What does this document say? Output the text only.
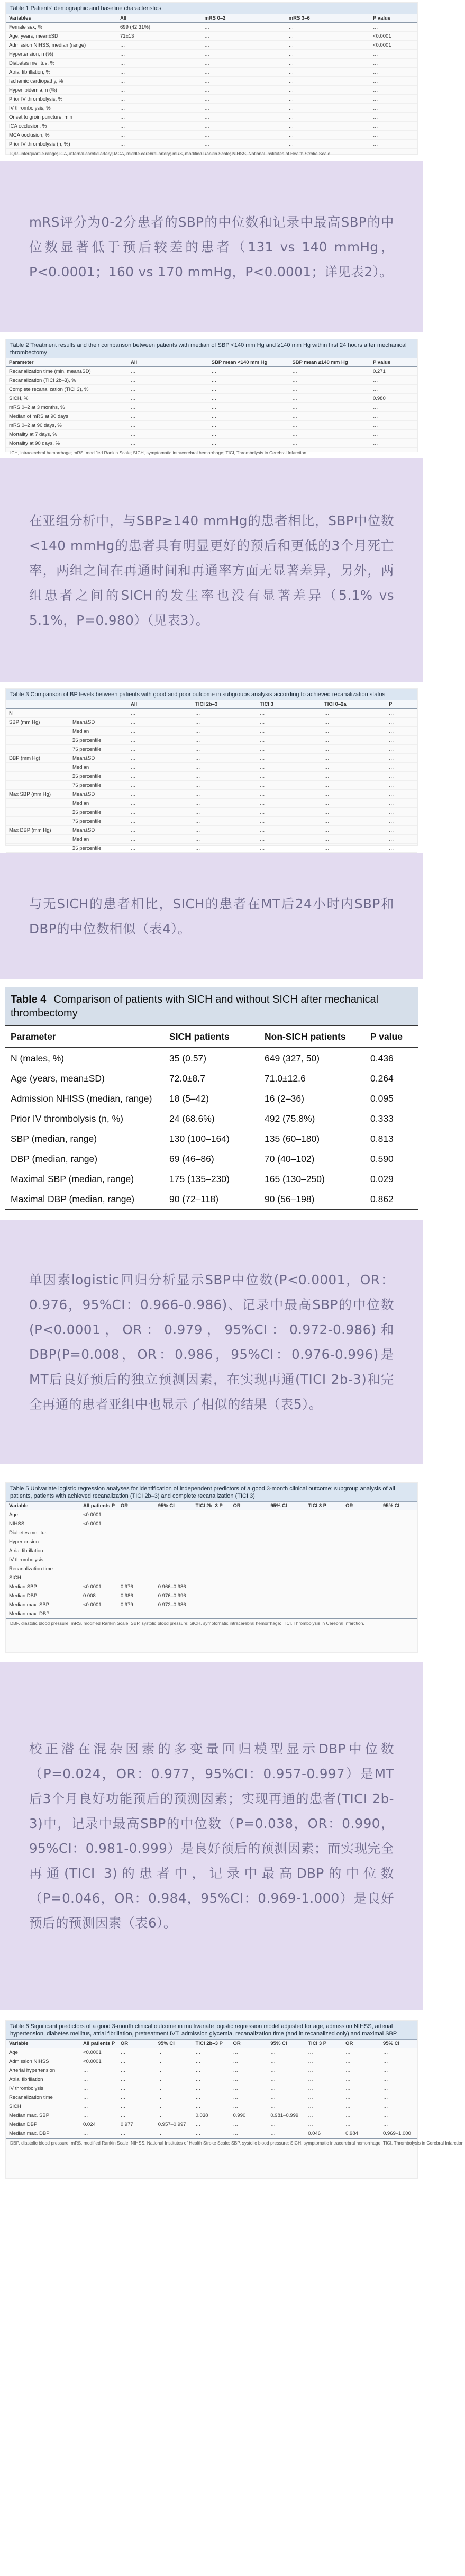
Table 1 Patients' demographic and baseline characteristics
Variables	All	mRS 0–2	mRS 3–6	P value
Female sex, %	699 (42.31%)	…	…	…
Age, years, mean±SD	71±13	…	…	<0.0001
Admission NIHSS, median (range)	…	…	…	<0.0001
Hypertension, n (%)	…	…	…	…
Diabetes mellitus, %	…	…	…	…
Atrial fibrillation, %	…	…	…	…
Ischemic cardiopathy, %	…	…	…	…
Hyperlipidemia, n (%)	…	…	…	…
Prior IV thrombolysis, %	…	…	…	…
IV thrombolysis, %	…	…	…	…
Onset to groin puncture, min	…	…	…	…
ICA occlusion, %	…	…	…	…
MCA occlusion, %	…	…	…	…
Prior IV thrombolysis (n, %)	…	…	…	…
IQR, interquartile range; ICA, internal carotid artery; MCA, middle cerebral artery; mRS, modified Rankin Scale; NIHSS, National Institutes of Health Stroke Scale.

mRS评分为0-2分患者的SBP的中位数和记录中最高SBP的中位数显著低于预后较差的患者（131 vs 140 mmHg，P<0.0001；160 vs 170 mmHg，P<0.0001；详见表2）。

Table 2 Treatment results and their comparison between patients with median of SBP <140 mm Hg and ≥140 mm Hg within first 24 hours after mechanical thrombectomy
Parameter	All	SBP mean <140 mm Hg	SBP mean ≥140 mm Hg	P value
Recanalization time (min, mean±SD)	…	…	…	0.271
Recanalization (TICI 2b–3), %	…	…	…	…
Complete recanalization (TICI 3), %	…	…	…	…
SICH, %	…	…	…	0.980
mRS 0–2 at 3 months, %	…	…	…	…
Median of mRS at 90 days	…	…	…	…
mRS 0–2 at 90 days, %	…	…	…	…
Mortality at 7 days, %	…	…	…	…
Mortality at 90 days, %	…	…	…	…
ICH, intracerebral hemorrhage; mRS, modified Rankin Scale; SICH, symptomatic intracerebral hemorrhage; TICI, Thrombolysis in Cerebral Infarction.

在亚组分析中，与SBP≥140 mmHg的患者相比，SBP中位数<140 mmHg的患者具有明显更好的预后和更低的3个月死亡率，两组之间在再通时间和再通率方面无显著差异，另外，两组患者之间的SICH的发生率也没有显著差异（5.1% vs 5.1%，P=0.980）（见表3）。

Table 3 Comparison of BP levels between patients with good and poor outcome in subgroups analysis according to achieved recanalization status
		All	TICI 2b–3	TICI 3	TICI 0–2a	P
N		…	…	…	…	…
SBP (mm Hg)	Mean±SD	…	…	…	…	…
	Median	…	…	…	…	…
	25 percentile	…	…	…	…	…
	75 percentile	…	…	…	…	…
DBP (mm Hg)	Mean±SD	…	…	…	…	…
	Median	…	…	…	…	…
	25 percentile	…	…	…	…	…
	75 percentile	…	…	…	…	…
Max SBP (mm Hg)	Mean±SD	…	…	…	…	…
	Median	…	…	…	…	…
	25 percentile	…	…	…	…	…
	75 percentile	…	…	…	…	…
Max DBP (mm Hg)	Mean±SD	…	…	…	…	…
	Median	…	…	…	…	…
	25 percentile	…	…	…	…	…

与无SICH的患者相比，SICH的患者在MT后24小时内SBP和DBP的中位数相似（表4）。

Table 4 Comparison of patients with SICH and without SICH after mechanical thrombectomy
Parameter	SICH patients	Non-SICH patients	P value
N (males, %)	35 (0.57)	649 (327, 50)	0.436
Age (years, mean±SD)	72.0±8.7	71.0±12.6	0.264
Admission NHISS (median, range)	18 (5–42)	16 (2–36)	0.095
Prior IV thrombolysis (n, %)	24 (68.6%)	492 (75.8%)	0.333
SBP (median, range)	130 (100–164)	135 (60–180)	0.813
DBP (median, range)	69 (46–86)	70 (40–102)	0.590
Maximal SBP (median, range)	175 (135–230)	165 (130–250)	0.029
Maximal DBP (median, range)	90 (72–118)	90 (56–198)	0.862

单因素logistic回归分析显示SBP中位数(P<0.0001，OR：0.976，95%CI：0.966-0.986)、记录中最高SBP的中位数(P<0.0001，OR：0.979，95%CI：0.972-0.986)和 DBP(P=0.008，OR：0.986，95%CI：0.976-0.996)是 MT后良好预后的独立预测因素，在实现再通(TICI 2b-3)和完全再通的患者亚组中也显示了相似的结果（表5）。

Table 5 Univariate logistic regression analyses for identification of independent predictors of a good 3-month clinical outcome: subgroup analysis of all patients, patients with achieved recanalization (TICI 2b–3) and complete recanalization (TICI 3)
Variable	All patients P	OR	95% CI	TICI 2b–3 P	OR	95% CI	TICI 3 P	OR	95% CI
Age	<0.0001	…	…	…	…	…	…	…	…
NIHSS	<0.0001	…	…	…	…	…	…	…	…
Diabetes mellitus	…	…	…	…	…	…	…	…	…
Hypertension	…	…	…	…	…	…	…	…	…
Atrial fibrillation	…	…	…	…	…	…	…	…	…
IV thrombolysis	…	…	…	…	…	…	…	…	…
Recanalization time	…	…	…	…	…	…	…	…	…
SICH	…	…	…	…	…	…	…	…	…
Median SBP	<0.0001	0.976	0.966–0.986	…	…	…	…	…	…
Median DBP	0.008	0.986	0.976–0.996	…	…	…	…	…	…
Median max. SBP	<0.0001	0.979	0.972–0.986	…	…	…	…	…	…
Median max. DBP	…	…	…	…	…	…	…	…	…
DBP, diastolic blood pressure; mRS, modified Rankin Scale; SBP, systolic blood pressure; SICH, symptomatic intracerebral hemorrhage; TICI, Thrombolysis in Cerebral Infarction.

校正潜在混杂因素的多变量回归模型显示DBP中位数（P=0.024，OR：0.977，95%CI：0.957-0.997）是MT后3个月良好功能预后的预测因素；实现再通的患者(TICI 2b-3)中，记录中最高SBP的中位数（P=0.038，OR：0.990，95%CI：0.981-0.999）是良好预后的预测因素；而实现完全再通(TICI 3)的患者中，记录中最高DBP的中位数（P=0.046，OR：0.984，95%CI：0.969-1.000）是良好预后的预测因素（表6）。

Table 6 Significant predictors of a good 3-month clinical outcome in multivariate logistic regression model adjusted for age, admission NIHSS, arterial hypertension, diabetes mellitus, atrial fibrillation, pretreatment IVT, admission glycemia, recanalization time (and in recanalized only) and maximal SBP
Variable	All patients P	OR	95% CI	TICI 2b–3 P	OR	95% CI	TICI 3 P	OR	95% CI
Age	<0.0001	…	…	…	…	…	…	…	…
Admission NIHSS	<0.0001	…	…	…	…	…	…	…	…
Arterial hypertension	…	…	…	…	…	…	…	…	…
Atrial fibrillation	…	…	…	…	…	…	…	…	…
IV thrombolysis	…	…	…	…	…	…	…	…	…
Recanalization time	…	…	…	…	…	…	…	…	…
SICH	…	…	…	…	…	…	…	…	…
Median max. SBP	…	…	…	0.038	0.990	0.981–0.999	…	…	…
Median DBP	0.024	0.977	0.957–0.997	…	…	…	…	…	…
Median max. DBP	…	…	…	…	…	…	0.046	0.984	0.969–1.000
DBP, diastolic blood pressure; mRS, modified Rankin Scale; NIHSS, National Institutes of Health Stroke Scale; SBP, systolic blood pressure; SICH, symptomatic intracerebral hemorrhage; TICI, Thrombolysis in Cerebral Infarction.
